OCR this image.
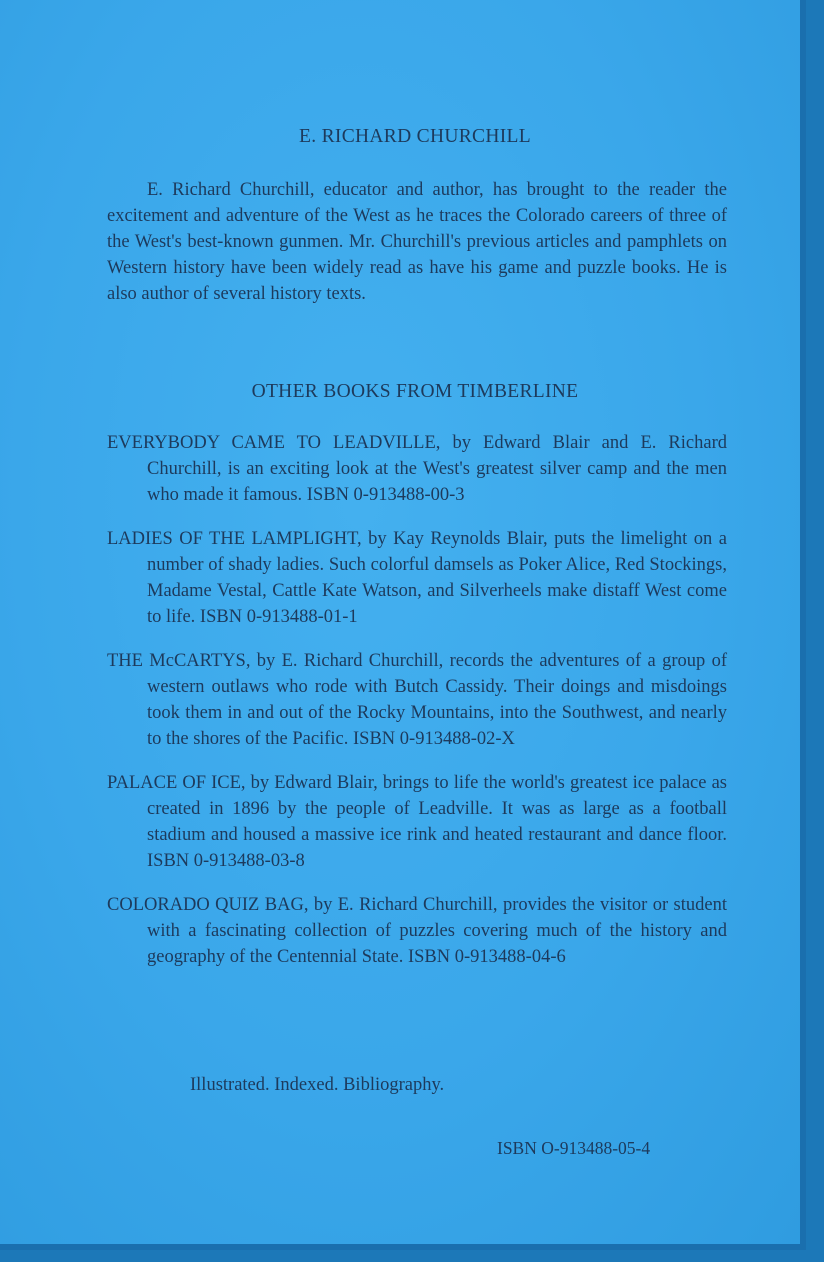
E. RICHARD CHURCHILL

E. Richard Churchill, educator and author, has brought to the reader the excitement and adventure of the West as he traces the Colorado careers of three of the West's best-known gunmen. Mr. Churchill's previous articles and pamphlets on Western history have been widely read as have his game and puzzle books. He is also author of several history texts.

OTHER BOOKS FROM TIMBERLINE

EVERYBODY CAME TO LEADVILLE, by Edward Blair and E. Richard Churchill, is an exciting look at the West's greatest silver camp and the men who made it famous. ISBN 0-913488-00-3

LADIES OF THE LAMPLIGHT, by Kay Reynolds Blair, puts the limelight on a number of shady ladies. Such colorful damsels as Poker Alice, Red Stockings, Madame Vestal, Cattle Kate Watson, and Silverheels make distaff West come to life. ISBN 0-913488-01-1

THE McCARTYS, by E. Richard Churchill, records the adventures of a group of western outlaws who rode with Butch Cassidy. Their doings and misdoings took them in and out of the Rocky Mountains, into the Southwest, and nearly to the shores of the Pacific. ISBN 0-913488-02-X

PALACE OF ICE, by Edward Blair, brings to life the world's greatest ice palace as created in 1896 by the people of Leadville. It was as large as a football stadium and housed a massive ice rink and heated restaurant and dance floor. ISBN 0-913488-03-8

COLORADO QUIZ BAG, by E. Richard Churchill, provides the visitor or student with a fascinating collection of puzzles covering much of the history and geography of the Centennial State. ISBN 0-913488-04-6

Illustrated. Indexed. Bibliography.

ISBN O-913488-05-4
